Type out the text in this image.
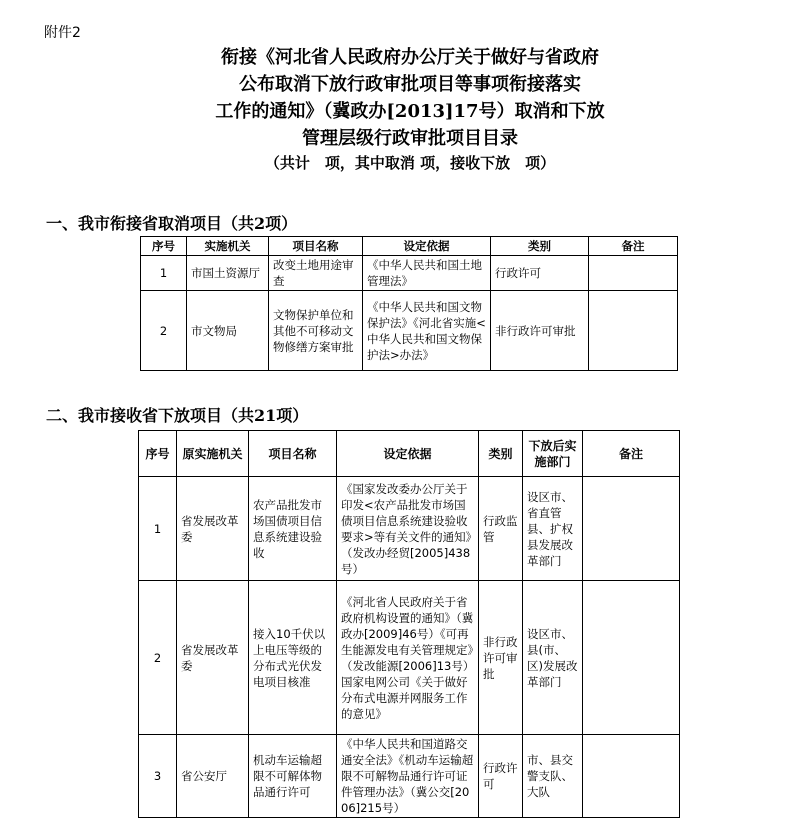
附件2
衔接《河北省人民政府办公厅关于做好与省政府
公布取消下放行政审批项目等事项衔接落实
工作的通知》（冀政办[2013]17号）取消和下放
管理层级行政审批项目目录
（共计　项，其中取消 项，接收下放　项）
一、我市衔接省取消项目（共2项）
序号	实施机关	项目名称	设定依据	类别	备注
1	市国土资源厅	改变土地用途审查	《中华人民共和国土地管理法》	行政许可	
2	市文物局	文物保护单位和其他不可移动文物修缮方案审批	《中华人民共和国文物保护法》《河北省实施<中华人民共和国文物保护法>办法》	非行政许可审批	
二、我市接收省下放项目（共21项）
序号	原实施机关	项目名称	设定依据	类别	下放后实施部门	备注
1	省发展改革委	农产品批发市场国债项目信息系统建设验收	《国家发改委办公厅关于印发<农产品批发市场国债项目信息系统建设验收要求>等有关文件的通知》（发改办经贸[2005]438号）	行政监管	设区市、省直管县、扩权县发展改革部门	
2	省发展改革委	接入10千伏以上电压等级的分布式光伏发电项目核准	《河北省人民政府关于省政府机构设置的通知》（冀政办[2009]46号）《可再生能源发电有关管理规定》（发改能源[2006]13号）国家电网公司《关于做好分布式电源并网服务工作的意见》	非行政许可审批	设区市、县(市、区)发展改革部门	
3	省公安厅	机动车运输超限不可解体物品通行许可	《中华人民共和国道路交通安全法》《机动车运输超限不可解物品通行许可证件管理办法》（冀公交[2006]215号）	行政许可	市、县交警支队、大队	
